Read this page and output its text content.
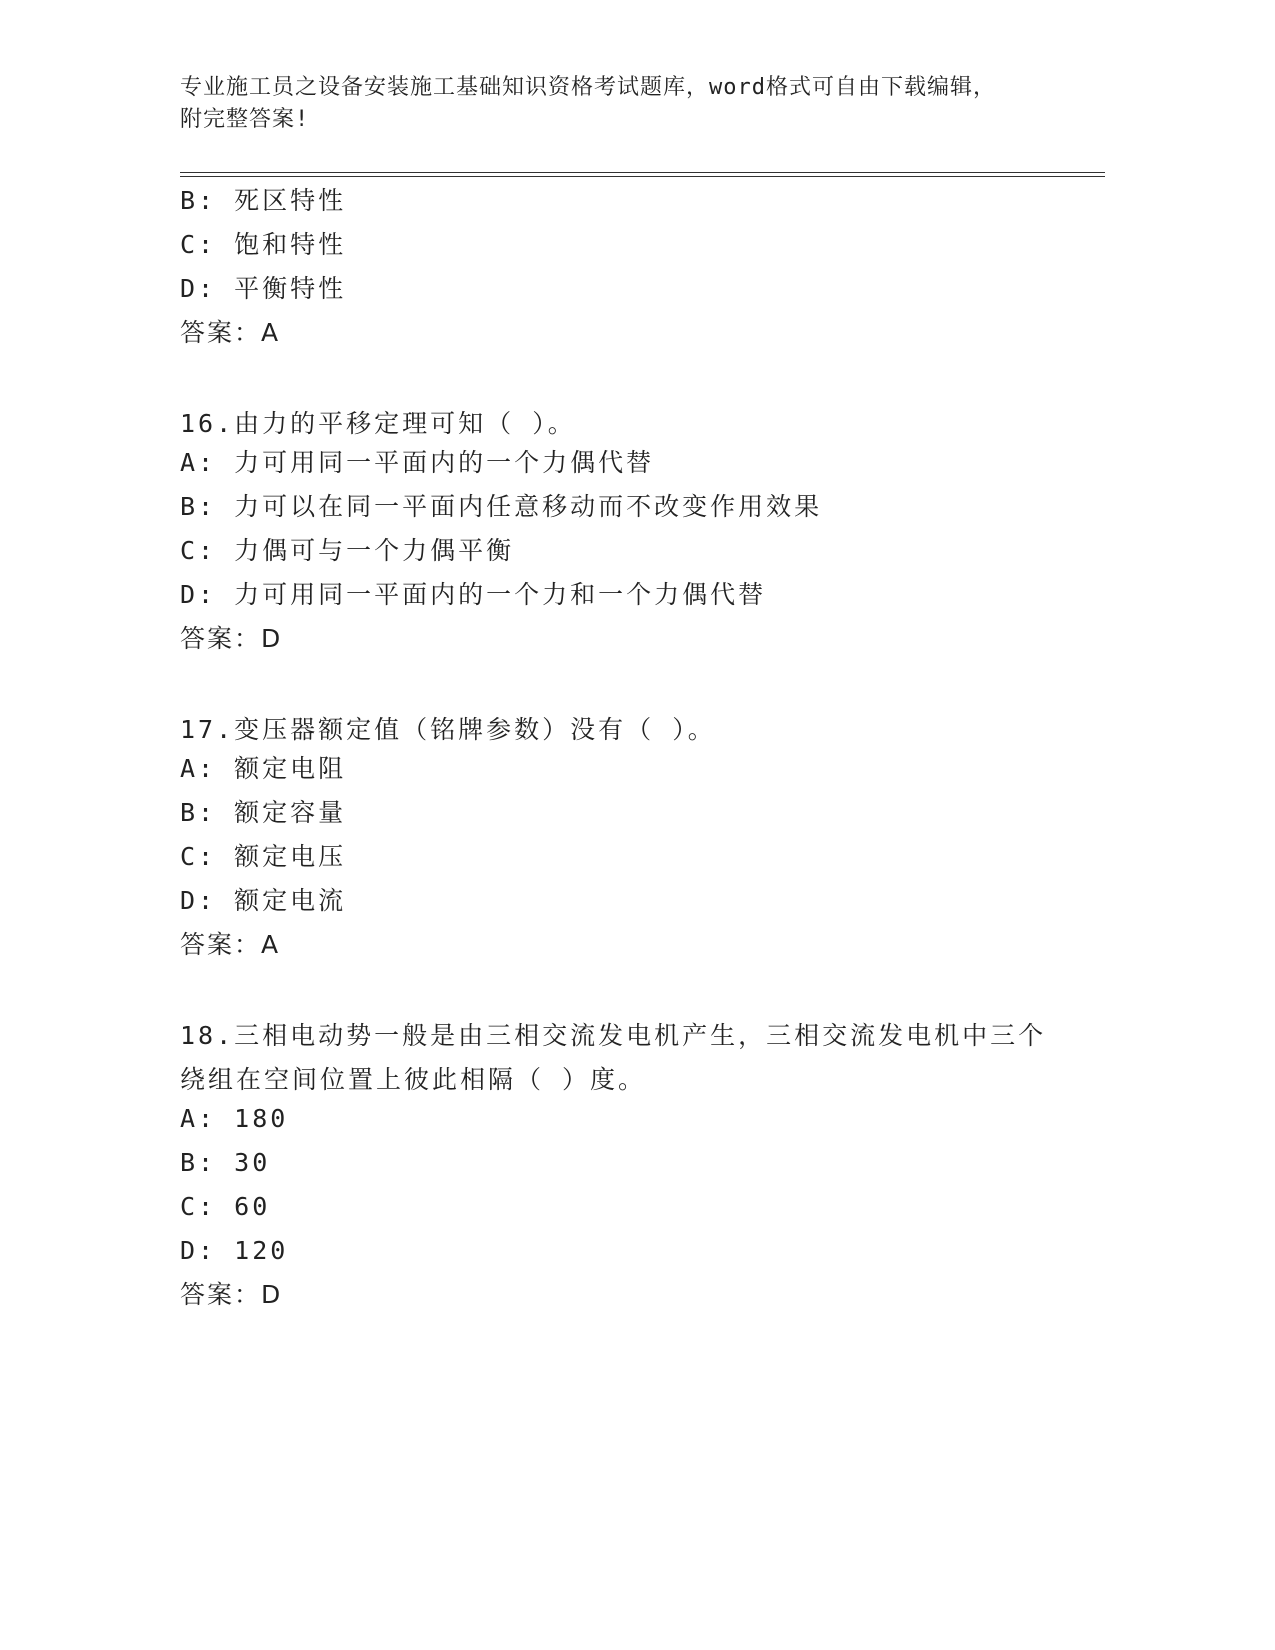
专业施工员之设备安装施工基础知识资格考试题库，word格式可自由下载编辑，
附完整答案!
B: 死区特性
C: 饱和特性
D: 平衡特性
答案：A
16.由力的平移定理可知（ ）。
A: 力可用同一平面内的一个力偶代替
B: 力可以在同一平面内任意移动而不改变作用效果
C: 力偶可与一个力偶平衡
D: 力可用同一平面内的一个力和一个力偶代替
答案：D
17.变压器额定值（铭牌参数）没有（ ）。
A: 额定电阻
B: 额定容量
C: 额定电压
D: 额定电流
答案：A
18.三相电动势一般是由三相交流发电机产生，三相交流发电机中三个
绕组在空间位置上彼此相隔（ ）度。
A: 180
B: 30
C: 60
D: 120
答案：D
